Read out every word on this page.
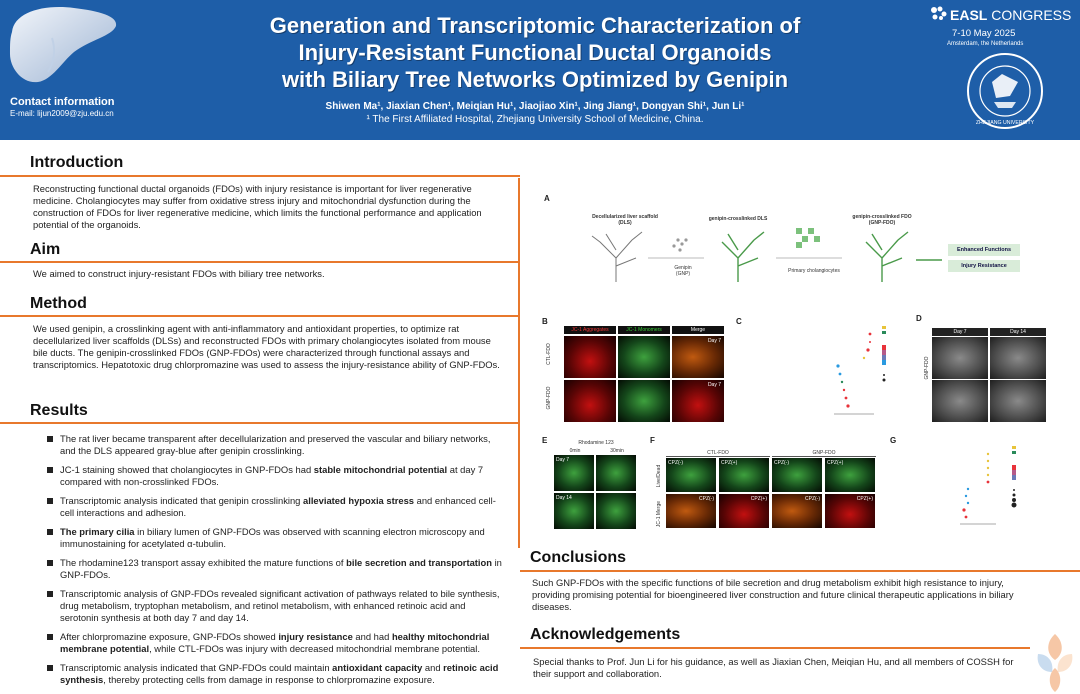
Contact information
E-mail: lijun2009@zju.edu.cn
Generation and Transcriptomic Characterization of
Injury-Resistant Functional Ductal Organoids
with Biliary Tree Networks Optimized by Genipin
Shiwen Ma¹, Jiaxian Chen¹, Meiqian Hu¹, Jiaojiao Xin¹, Jing Jiang¹, Dongyan Shi¹, Jun Li¹
¹ The First Affiliated Hospital, Zhejiang University School of Medicine, China.
EASL CONGRESS
7-10 May 2025
Amsterdam, the Netherlands
1897
ZHEJIANG UNIVERSITY
Introduction
Reconstructing functional ductal organoids (FDOs) with injury resistance is important for liver regenerative medicine. Cholangiocytes may suffer from oxidative stress injury and mitochondrial dysfunction during the construction of FDOs for liver regenerative medicine, which limits the functional performance and application potential of the organoids.
Aim
We aimed to construct injury-resistant FDOs with biliary tree networks.
Method
We used genipin, a crosslinking agent with anti-inflammatory and antioxidant properties, to optimize rat decellularized liver scaffolds (DLSs) and reconstructed FDOs with primary cholangiocytes isolated from mouse bile ducts. The genipin-crosslinked FDOs (GNP-FDOs) were characterized through functional assays and transcriptomics. Hepatotoxic drug chlorpromazine was used to assess the injury-resistance ability of GNP-FDOs.
Results
The rat liver became transparent after decellularization and preserved the vascular and biliary networks, and the DLS appeared gray-blue after genipin crosslinking.
JC-1 staining showed that cholangiocytes in GNP-FDOs had stable mitochondrial potential at day 7 compared with non-crosslinked FDOs.
Transcriptomic analysis indicated that genipin crosslinking alleviated hypoxia stress and enhanced cell-cell interactions and adhesion.
The primary cilia in biliary lumen of GNP-FDOs was observed with scanning electron microscopy and immunostaining for acetylated α-tubulin.
The rhodamine123 transport assay exhibited the mature functions of bile secretion and transportation in GNP-FDOs.
Transcriptomic analysis of GNP-FDOs revealed significant activation of pathways related to bile synthesis, drug metabolism, tryptophan metabolism, and retinol metabolism, with enhanced retinoic acid and serotonin synthesis at both day 7 and day 14.
After chlorpromazine exposure, GNP-FDOs showed injury resistance and had healthy mitochondrial membrane potential, while CTL-FDOs was injury with decreased mitochondrial membrane potential.
Transcriptomic analysis indicated that GNP-FDOs could maintain antioxidant capacity and retinoic acid synthesis, thereby protecting cells from damage in response to chlorpromazine exposure.
A
Decellularized liver scaffold
(DLS)
genipin-crosslinked DLS	genipin-crosslinked FDO
(GNP-FDO)
Genipin
(GNP)	Primary cholangiocytes
Enhanced Functions
Injury Resistance
B
JC-1 Aggregates	JC-1 Monomers	Merge
CTL-FDO
GNP-FDO
Day 7
Day 7
C	D
Day 7	Day 14
GNP-FDO
E	Rhodamine 123
0min	30min
Day 7
Day 14
F
CTL-FDO	GNP-FDO
Live/Dead
JC-1 Merge
CPZ(-)	CPZ(+)	CPZ(-)	CPZ(+)
CPZ(-)	CPZ(+)	CPZ(-)	CPZ(+)
G
Conclusions
Such GNP-FDOs with the specific functions of bile secretion and drug metabolism exhibit high resistance to injury, providing promising potential for bioengineered liver construction and future clinical therapeutic applications in biliary diseases.
Acknowledgements
Special thanks to Prof. Jun Li for his guidance, as well as Jiaxian Chen, Meiqian Hu, and all members of COSSH for their support and collaboration.
